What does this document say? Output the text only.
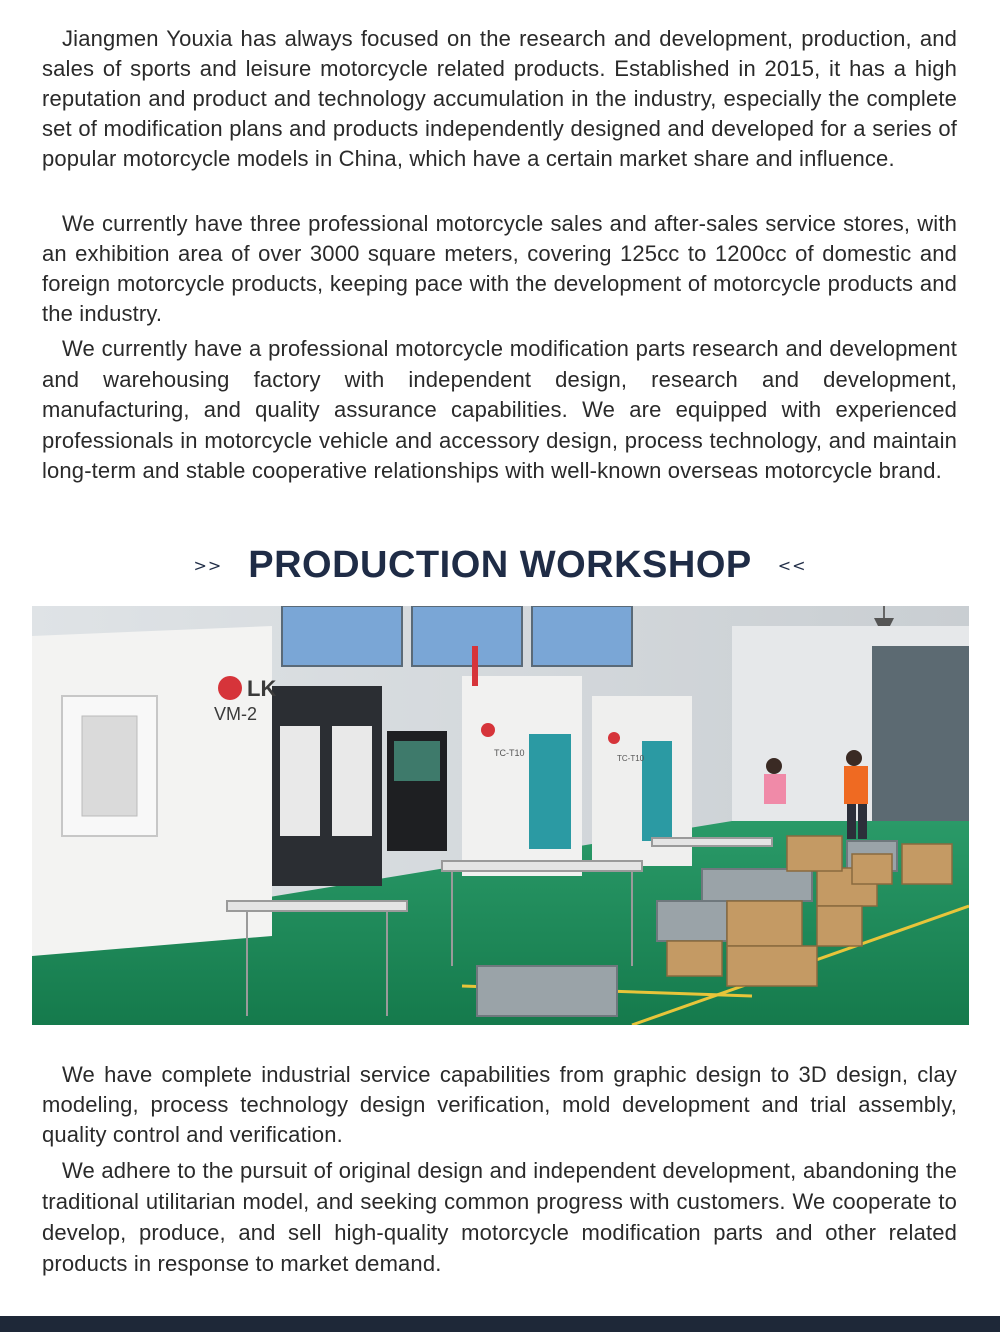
Jiangmen Youxia has always focused on the research and development, production, and sales of sports and leisure motorcycle related products. Established in 2015, it has a high reputation and product and technology accumulation in the industry, especially the complete set of modification plans and products independently designed and developed for a series of popular motorcycle models in China, which have a certain market share and influence.

We currently have three professional motorcycle sales and after-sales service stores, with an exhibition area of over 3000 square meters, covering 125cc to 1200cc of domestic and foreign motorcycle products, keeping pace with the development of motorcycle products and the industry.

We currently have a professional motorcycle modification parts research and development and warehousing factory with independent design, research and development, manufacturing, and quality assurance capabilities. We are equipped with experienced professionals in motorcycle vehicle and accessory design, process technology, and maintain long-term and stable cooperative relationships with well-known overseas motorcycle brand.

>> PRODUCTION WORKSHOP <<
LK
VM-2
TC-T10
TC-T10

We have complete industrial service capabilities from graphic design to 3D design, clay modeling, process technology design verification, mold development and trial assembly, quality control and verification.

We adhere to the pursuit of original design and independent development, abandoning the traditional utilitarian model, and seeking common progress with customers. We cooperate to develop, produce, and sell high-quality motorcycle modification parts and other related products in response to market demand.
